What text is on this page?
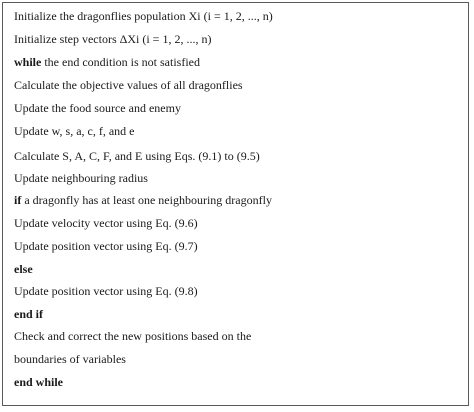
Initialize the dragonflies population Xi (i = 1, 2, ..., n)
Initialize step vectors ΔXi (i = 1, 2, ..., n)
while the end condition is not satisfied
Calculate the objective values of all dragonflies
Update the food source and enemy
Update w, s, a, c, f, and e
Calculate S, A, C, F, and E using Eqs. (9.1) to (9.5)
Update neighbouring radius
if a dragonfly has at least one neighbouring dragonfly
Update velocity vector using Eq. (9.6)
Update position vector using Eq. (9.7)
else
Update position vector using Eq. (9.8)
end if
Check and correct the new positions based on the
boundaries of variables
end while
